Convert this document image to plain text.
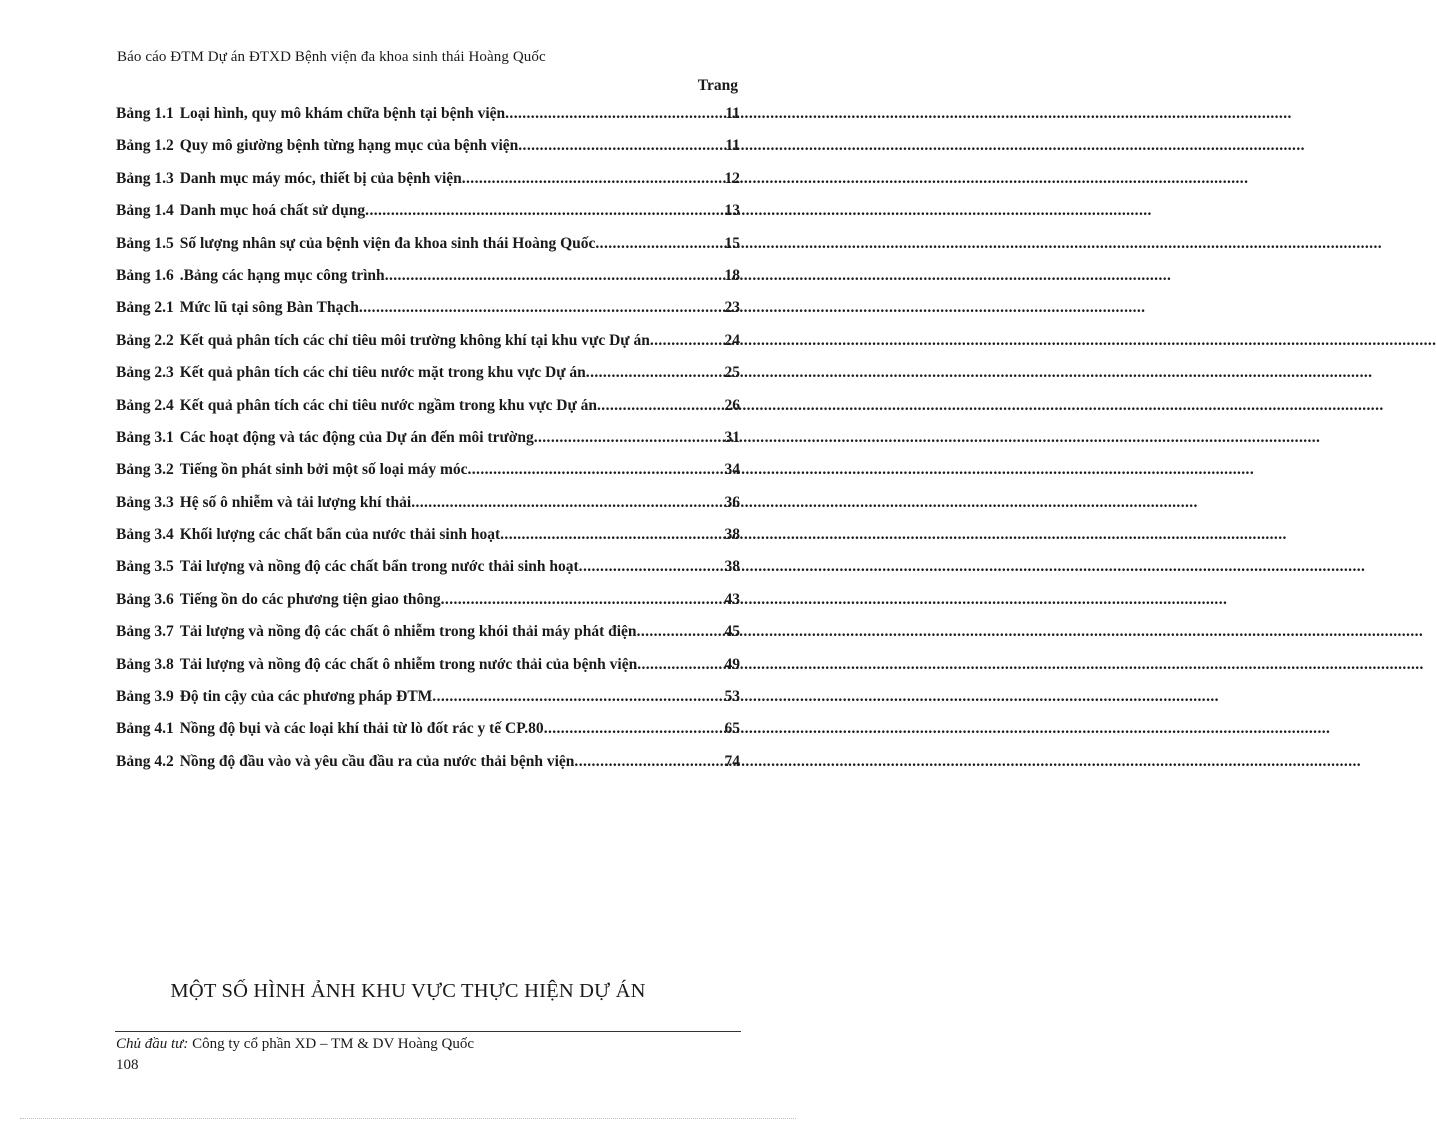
Báo cáo ĐTM Dự án ĐTXD Bệnh viện đa khoa sinh thái Hoàng Quốc
Trang
Bảng 1.1 Loại hình, quy mô khám chữa bệnh tại bệnh viện .....	11
Bảng 1.2 Quy mô giường bệnh từng hạng mục của bệnh viện .....	11
Bảng 1.3 Danh mục máy móc, thiết bị của bệnh viện .....	12
Bảng 1.4 Danh mục hoá chất sử dụng .....	13
Bảng 1.5 Số lượng nhân sự của bệnh viện đa khoa sinh thái Hoàng Quốc .....	15
Bảng 1.6 .Bảng các hạng mục công trình .....	18
Bảng 2.1 Mức lũ tại sông Bàn Thạch .....	23
Bảng 2.2 Kết quả phân tích các chỉ tiêu môi trường không khí tại khu vực Dự án .....	24
Bảng 2.3 Kết quả phân tích các chỉ tiêu nước mặt trong khu vực Dự án .....	25
Bảng 2.4 Kết quả phân tích các chỉ tiêu nước ngầm trong khu vực Dự án .....	26
Bảng 3.1 Các hoạt động và tác động của Dự án đến môi trường .....	31
Bảng 3.2 Tiếng ồn phát sinh bởi một số loại máy móc .....	34
Bảng 3.3 Hệ số ô nhiễm và tải lượng khí thải .....	36
Bảng 3.4 Khối lượng các chất bẩn của nước thải sinh hoạt .....	38
Bảng 3.5 Tải lượng và nồng độ các chất bẩn trong nước thải sinh hoạt .....	38
Bảng 3.6 Tiếng ồn do các phương tiện giao thông .....	43
Bảng 3.7 Tải lượng và nồng độ các chất ô nhiễm trong khói thải máy phát điện .....	45
Bảng 3.8 Tải lượng và nồng độ các chất ô nhiễm trong nước thải của bệnh viện .....	49
Bảng 3.9 Độ tin cậy của các phương pháp ĐTM .....	53
Bảng 4.1 Nồng độ bụi và các loại khí thải từ lò đốt rác y tế CP.80 .....	65
Bảng 4.2 Nồng độ đầu vào và yêu cầu đầu ra của nước thải bệnh viện .....	74
MỘT SỐ HÌNH ẢNH KHU VỰC THỰC HIỆN DỰ ÁN
Chủ đầu tư: Công ty cổ phần XD – TM & DV Hoàng Quốc
108
